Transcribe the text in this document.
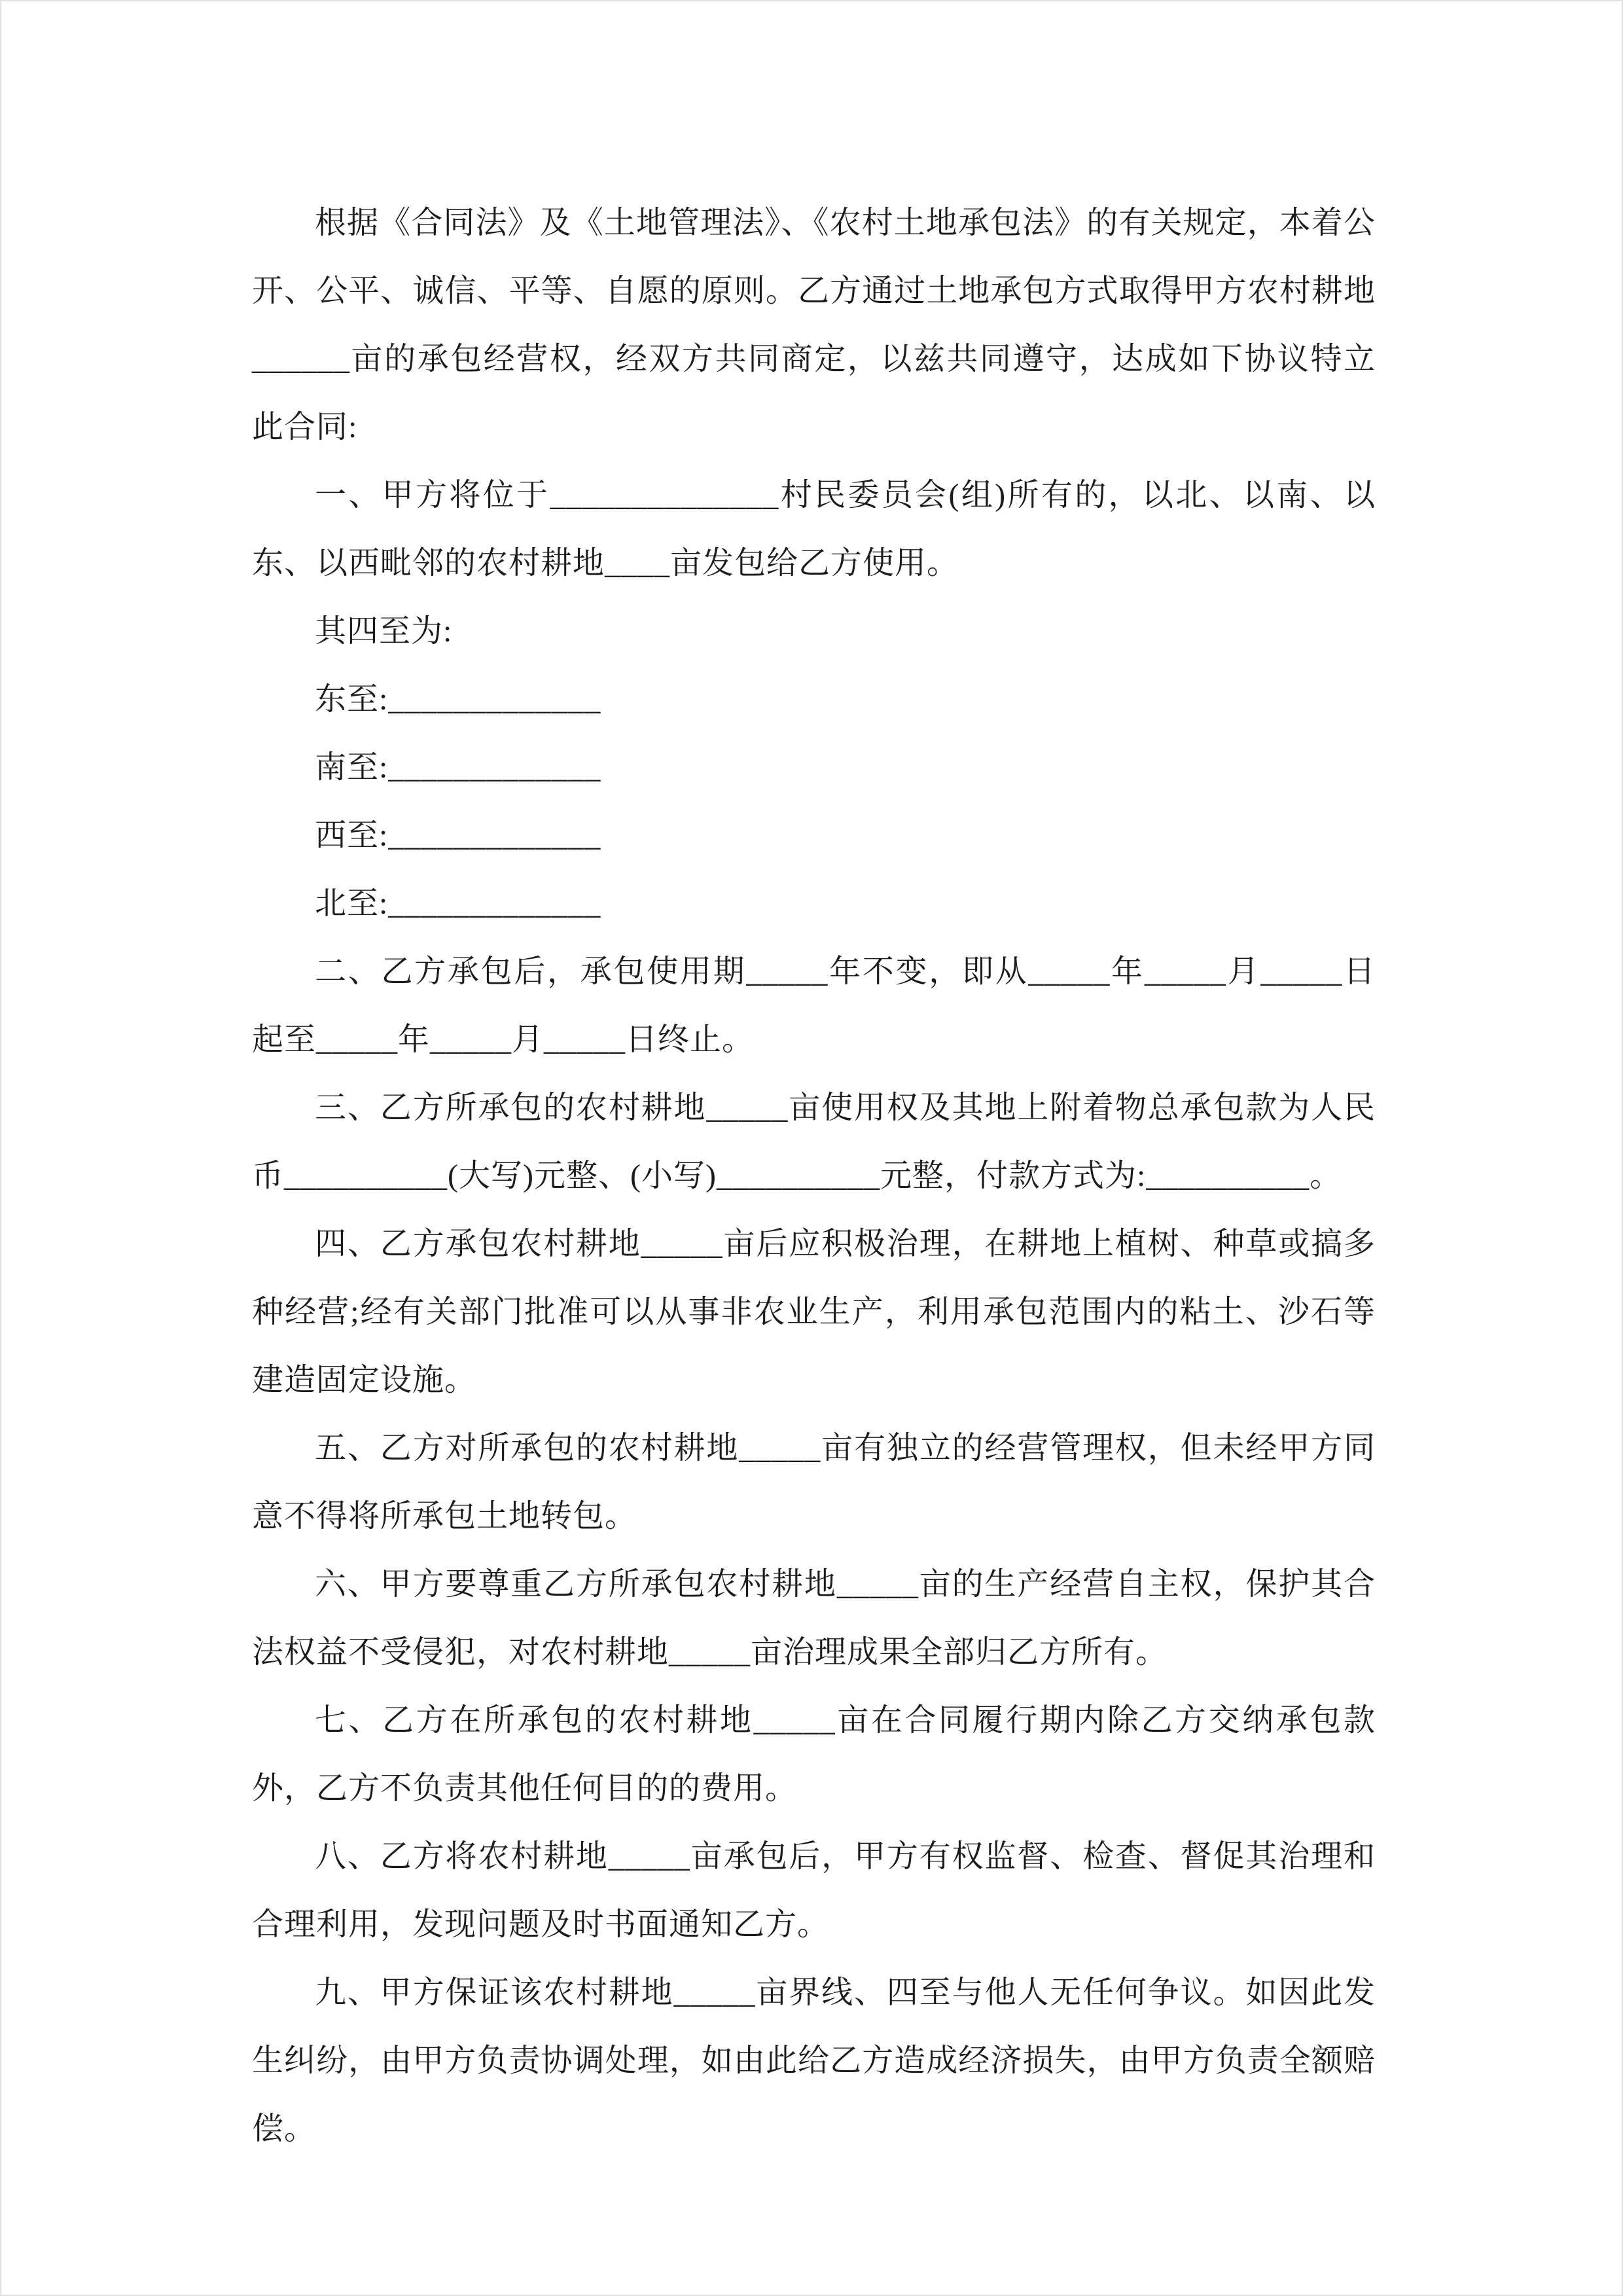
根据《合同法》及《土地管理法》、《农村土地承包法》的有关规定，本着公开、公平、诚信、平等、自愿的原则。乙方通过土地承包方式取得甲方农村耕地______亩的承包经营权，经双方共同商定，以兹共同遵守，达成如下协议特立此合同:

一、甲方将位于______________村民委员会(组)所有的，以北、以南、以东、以西毗邻的农村耕地____亩发包给乙方使用。

其四至为:

东至:_____________

南至:_____________

西至:_____________

北至:_____________

二、乙方承包后，承包使用期_____年不变，即从_____年_____月_____日起至_____年_____月_____日终止。

三、乙方所承包的农村耕地_____亩使用权及其地上附着物总承包款为人民币__________(大写)元整、(小写)__________元整，付款方式为:__________。

四、乙方承包农村耕地_____亩后应积极治理，在耕地上植树、种草或搞多种经营;经有关部门批准可以从事非农业生产，利用承包范围内的粘土、沙石等建造固定设施。

五、乙方对所承包的农村耕地_____亩有独立的经营管理权，但未经甲方同意不得将所承包土地转包。

六、甲方要尊重乙方所承包农村耕地_____亩的生产经营自主权，保护其合法权益不受侵犯，对农村耕地_____亩治理成果全部归乙方所有。

七、乙方在所承包的农村耕地_____亩在合同履行期内除乙方交纳承包款外，乙方不负责其他任何目的的费用。

八、乙方将农村耕地_____亩承包后，甲方有权监督、检查、督促其治理和合理利用，发现问题及时书面通知乙方。

九、甲方保证该农村耕地_____亩界线、四至与他人无任何争议。如因此发生纠纷，由甲方负责协调处理，如由此给乙方造成经济损失，由甲方负责全额赔偿。
